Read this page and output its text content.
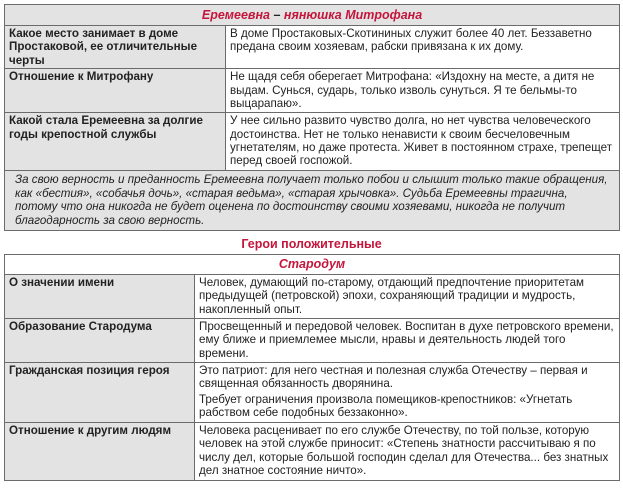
Еремеевна – нянюшка Митрофана	
Какое место занимает в доме Простаковой, ее отличительные черты	В доме Простаковых-Скотининых служит более 40 лет. Беззаветно предана своим хозяевам, рабски привязана к их дому.
Отношение к Митрофану	Не щадя себя оберегает Митрофана: «Издохну на месте, а дитя не выдам. Сунься, сударь, только изволь сунуться. Я те бельмы-то выцарапаю».
Какой стала Еремеевна за долгие годы крепостной службы	У нее сильно развито чувство долга, но нет чувства человеческого достоинства. Нет не только ненависти к своим бесчеловечным угнетателям, но даже протеста. Живет в постоянном страхе, трепещет перед своей госпожой.
За свою верность и преданность Еремеевна получает только побои и слышит только такие обращения, как «бестия», «собачья дочь», «старая ведьма», «старая хрычовка». Судьба Еремеевны трагична, потому что она никогда не будет оценена по достоинству своими хозяевами, никогда не получит благодарность за свою верность.	
Герои положительные
Стародум	
О значении имени	Человек, думающий по-старому, отдающий предпочтение приоритетам предыдущей (петровской) эпохи, сохраняющий традиции и мудрость, накопленный опыт.
Образование Стародума	Просвещенный и передовой человек. Воспитан в духе петровского времени, ему ближе и приемлемее мысли, нравы и деятельность людей того времени.
Гражданская позиция героя	Это патриот: для него честная и полезная служба Отечеству – первая и священная обязанность дворянина.
Требует ограничения произвола помещиков-крепостников: «Угнетать рабством себе подобных беззаконно».

Отношение к другим людям	Человека расценивает по его службе Отечеству, по той пользе, которую человек на этой службе приносит: «Степень знатности рассчитываю я по числу дел, которые большой господин сделал для Отечества... без знатных дел знатное состояние ничто».
